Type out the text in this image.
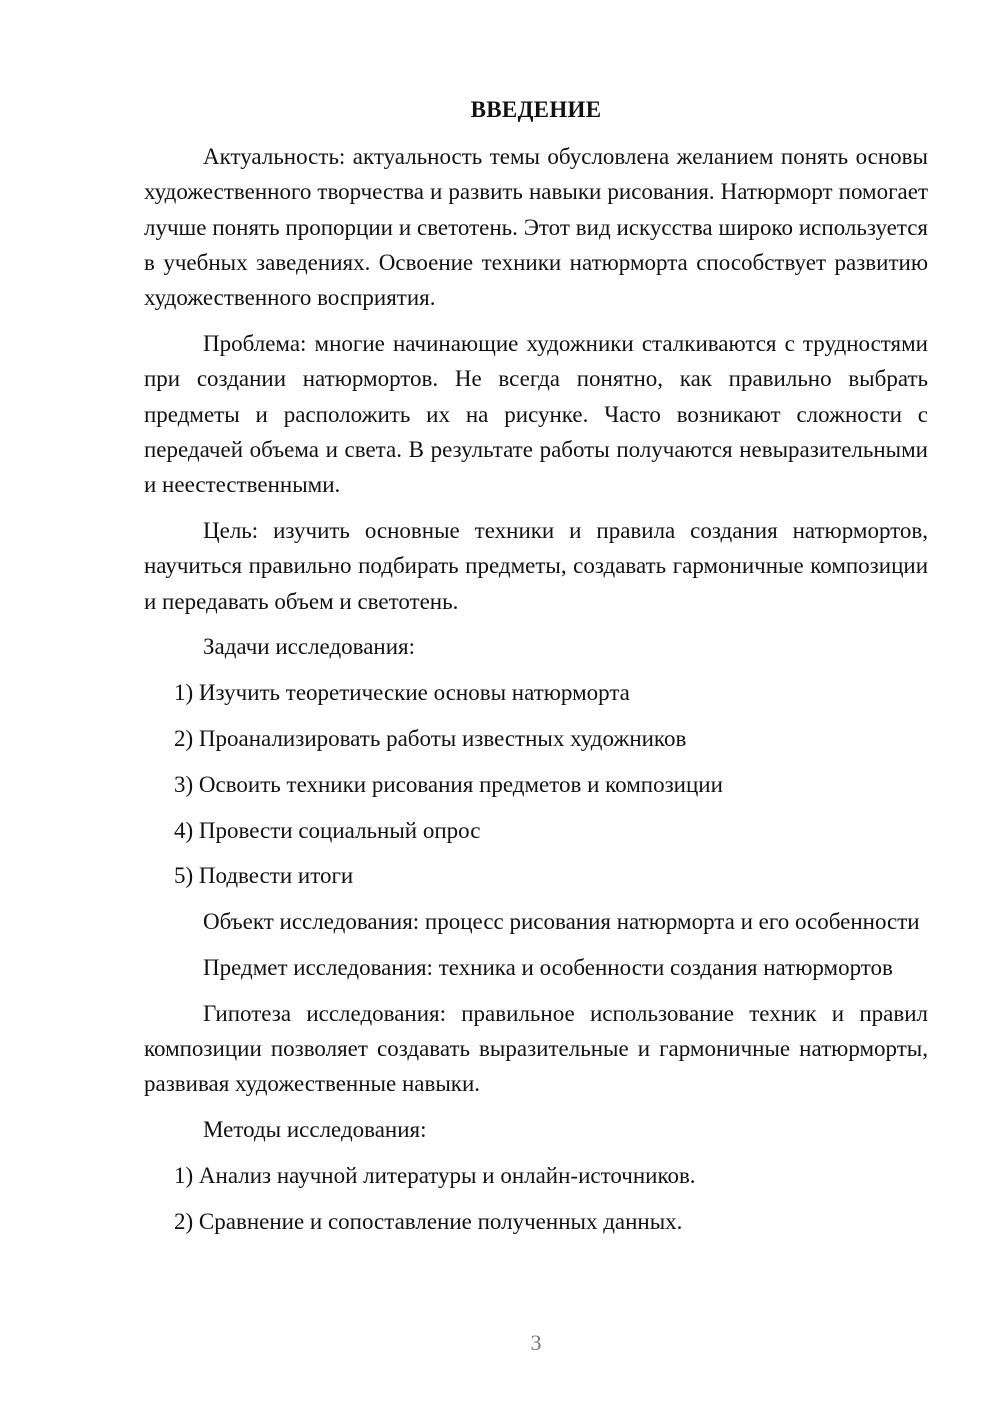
ВВЕДЕНИЕ
Актуальность: актуальность темы обусловлена желанием понять основы художественного творчества и развить навыки рисования. Натюрморт помогает лучше понять пропорции и светотень. Этот вид искусства широко используется в учебных заведениях. Освоение техники натюрморта способствует развитию художественного восприятия.
Проблема: многие начинающие художники сталкиваются с трудностями при создании натюрмортов. Не всегда понятно, как правильно выбрать предметы и расположить их на рисунке. Часто возникают сложности с передачей объема и света. В результате работы получаются невыразительными и неестественными.
Цель: изучить основные техники и правила создания натюрмортов, научиться правильно подбирать предметы, создавать гармоничные композиции и передавать объем и светотень.
Задачи исследования:
1) Изучить теоретические основы натюрморта
2) Проанализировать работы известных художников
3) Освоить техники рисования предметов и композиции
4) Провести социальный опрос
5) Подвести итоги
Объект исследования: процесс рисования натюрморта и его особенности
Предмет исследования: техника и особенности создания натюрмортов
Гипотеза исследования: правильное использование техник и правил композиции позволяет создавать выразительные и гармоничные натюрморты, развивая художественные навыки.
Методы исследования:
1) Анализ научной литературы и онлайн-источников.
2) Сравнение и сопоставление полученных данных.
3
